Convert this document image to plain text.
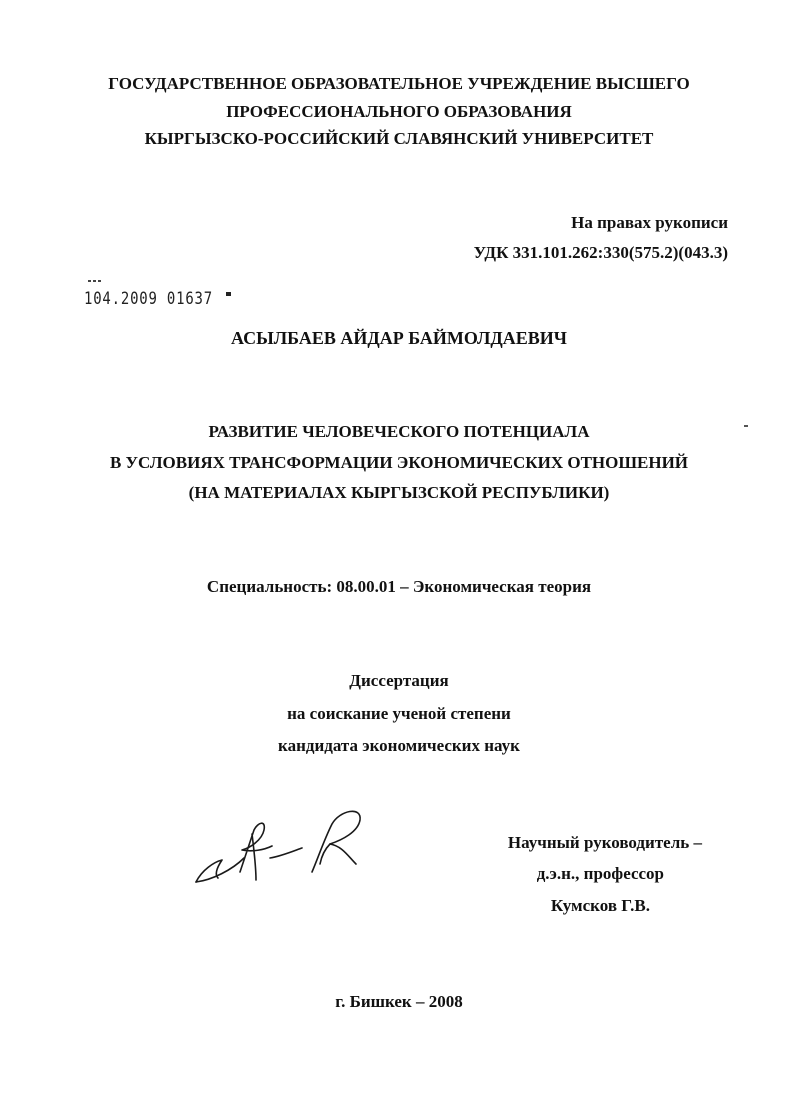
ГОСУДАРСТВЕННОЕ ОБРАЗОВАТЕЛЬНОЕ УЧРЕЖДЕНИЕ ВЫСШЕГО
ПРОФЕССИОНАЛЬНОГО ОБРАЗОВАНИЯ
КЫРГЫЗСКО-РОССИЙСКИЙ СЛАВЯНСКИЙ УНИВЕРСИТЕТ
На правах рукописи
УДК 331.101.262:330(575.2)(043.3)
104.2009 01637
АСЫЛБАЕВ АЙДАР БАЙМОЛДАЕВИЧ
РАЗВИТИЕ ЧЕЛОВЕЧЕСКОГО ПОТЕНЦИАЛА
В УСЛОВИЯХ ТРАНСФОРМАЦИИ ЭКОНОМИЧЕСКИХ ОТНОШЕНИЙ
(НА МАТЕРИАЛАХ КЫРГЫЗСКОЙ РЕСПУБЛИКИ)
Специальность: 08.00.01 – Экономическая теория
Диссертация
на соискание ученой степени
кандидата экономических наук
Научный руководитель –
д.э.н., профессор
Кумсков Г.В.
г. Бишкек – 2008
